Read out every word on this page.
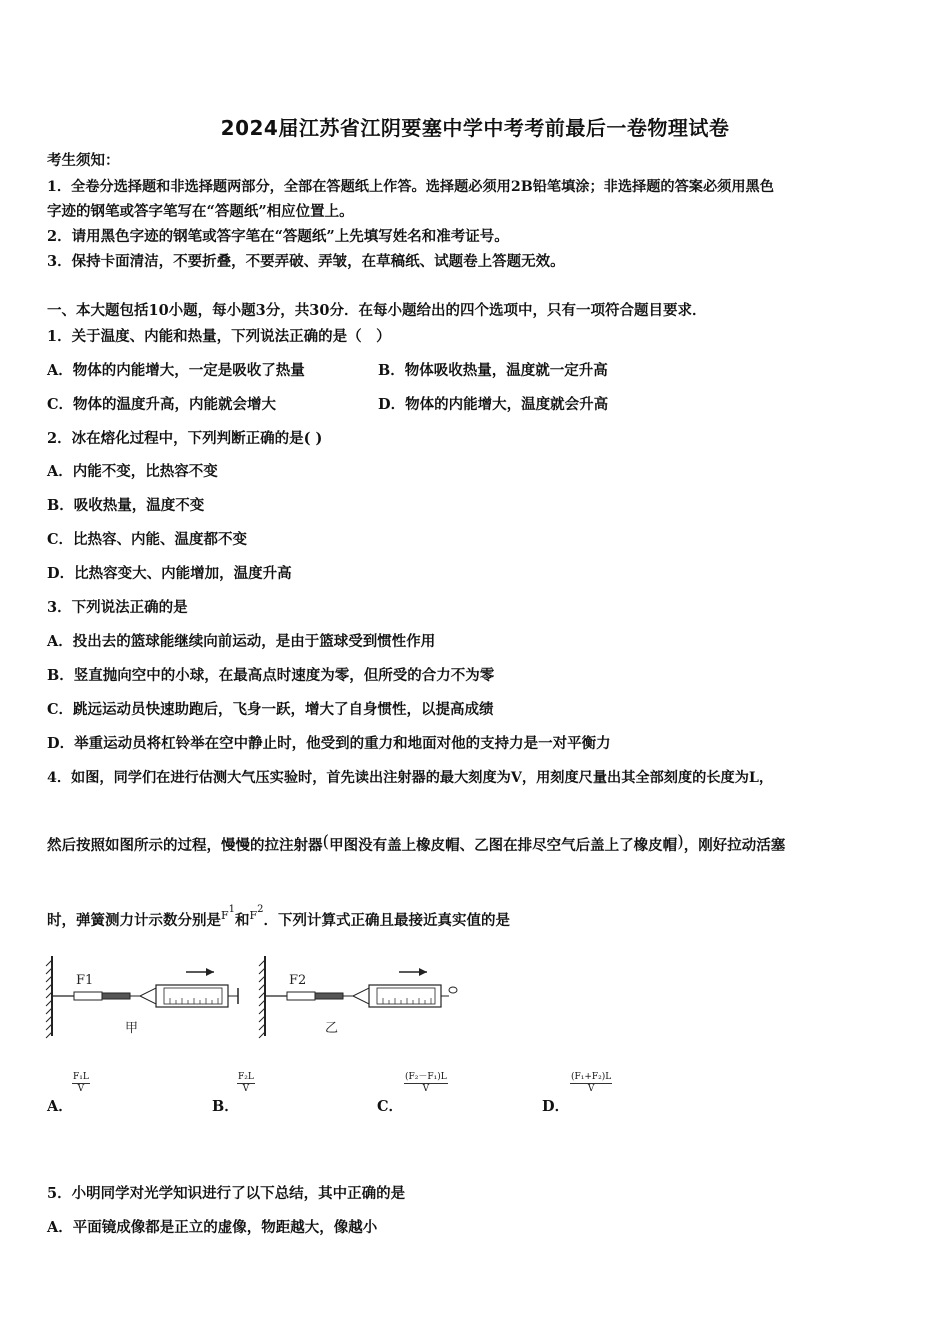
2024届江苏省江阴要塞中学中考考前最后一卷物理试卷
考生须知：
1．全卷分选择题和非选择题两部分，全部在答题纸上作答。选择题必须用2B铅笔填涂；非选择题的答案必须用黑色
字迹的钢笔或答字笔写在“答题纸”相应位置上。
2．请用黑色字迹的钢笔或答字笔在“答题纸”上先填写姓名和准考证号。
3．保持卡面清洁，不要折叠，不要弄破、弄皱，在草稿纸、试题卷上答题无效。
一、本大题包括10小题，每小题3分，共30分．在每小题给出的四个选项中，只有一项符合题目要求．
1．关于温度、内能和热量，下列说法正确的是（　）
A．物体的内能增大，一定是吸收了热量	B．物体吸收热量，温度就一定升高
C．物体的温度升高，内能就会增大	D．物体的内能增大，温度就会升高
2．冰在熔化过程中，下列判断正确的是( )
A．内能不变，比热容不变
B．吸收热量，温度不变
C．比热容、内能、温度都不变
D．比热容变大、内能增加，温度升高
3．下列说法正确的是
A．投出去的篮球能继续向前运动，是由于篮球受到惯性作用
B．竖直抛向空中的小球，在最高点时速度为零，但所受的合力不为零
C．跳远运动员快速助跑后，飞身一跃，增大了自身惯性，以提高成绩
D．举重运动员将杠铃举在空中静止时，他受到的重力和地面对他的支持力是一对平衡力
4．如图，同学们在进行估测大气压实验时，首先读出注射器的最大刻度为V，用刻度尺量出其全部刻度的长度为L，
然后按照如图所示的过程，慢慢的拉注射器(甲图没有盖上橡皮帽、乙图在排尽空气后盖上了橡皮帽)，刚好拉动活塞
时，弹簧测力计示数分别是$^{F1}$和$^{F2}$．下列计算式正确且最接近真实值的是
F1
甲
F2
乙
A．
$\frac{\text{F₁L}}{V}$
B．
$\frac{\text{F₂L}}{V}$
C．
$\frac{\text{(F₂－F₁)L}}{V}$
D．
$\frac{\text{(F₁+F₂)L}}{V}$
5．小明同学对光学知识进行了以下总结，其中正确的是
A．平面镜成像都是正立的虚像，物距越大，像越小
